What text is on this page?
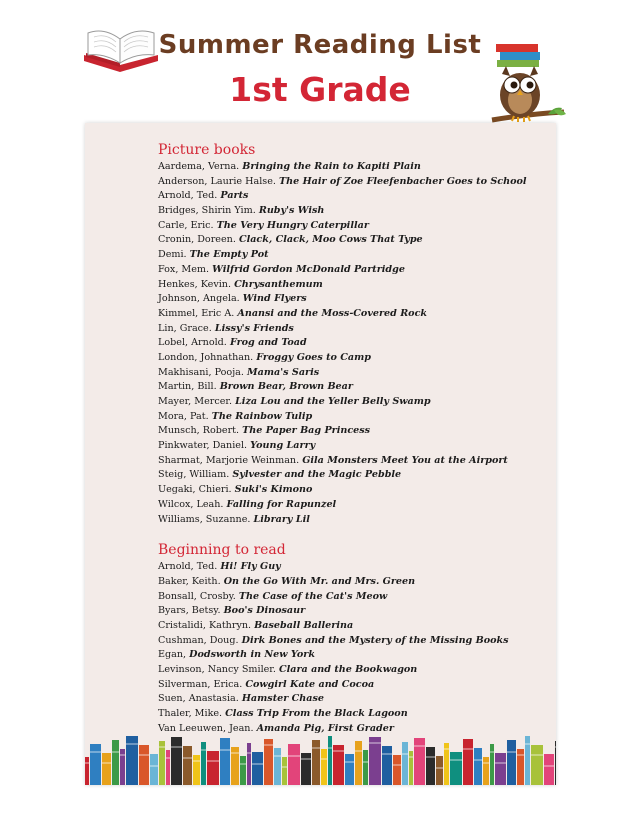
Summer Reading List
1st Grade
Picture books
Aardema, Verna. Bringing the Rain to Kapiti Plain
Anderson, Laurie Halse. The Hair of Zoe Fleefenbacher Goes to School
Arnold, Ted. Parts
Bridges, Shirin Yim. Ruby's Wish
Carle, Eric. The Very Hungry Caterpillar
Cronin, Doreen. Clack, Clack, Moo Cows That Type
Demi. The Empty Pot
Fox, Mem. Wilfrid Gordon McDonald Partridge
Henkes, Kevin. Chrysanthemum
Johnson, Angela. Wind Flyers
Kimmel, Eric A. Anansi and the Moss-Covered Rock
Lin, Grace. Lissy's Friends
Lobel, Arnold. Frog and Toad
London, Johnathan. Froggy Goes to Camp
Makhisani, Pooja. Mama's Saris
Martin, Bill. Brown Bear, Brown Bear
Mayer, Mercer. Liza Lou and the Yeller Belly Swamp
Mora, Pat. The Rainbow Tulip
Munsch, Robert. The Paper Bag Princess
Pinkwater, Daniel. Young Larry
Sharmat, Marjorie Weinman. Gila Monsters Meet You at the Airport
Steig, William. Sylvester and the Magic Pebble
Uegaki, Chieri. Suki's Kimono
Wilcox, Leah. Falling for Rapunzel
Williams, Suzanne. Library Lil
Beginning to read
Arnold, Ted. Hi! Fly Guy
Baker, Keith. On the Go With Mr. and Mrs. Green
Bonsall, Crosby. The Case of the Cat's Meow
Byars, Betsy. Boo's Dinosaur
Cristalidi, Kathryn. Baseball Ballerina
Cushman, Doug. Dirk Bones and the Mystery of the Missing Books
Egan, Dodsworth in New York
Levinson, Nancy Smiler. Clara and the Bookwagon
Silverman, Erica. Cowgirl Kate and Cocoa
Suen, Anastasia. Hamster Chase
Thaler, Mike. Class Trip From the Black Lagoon
Van Leeuwen, Jean. Amanda Pig, First Grader
